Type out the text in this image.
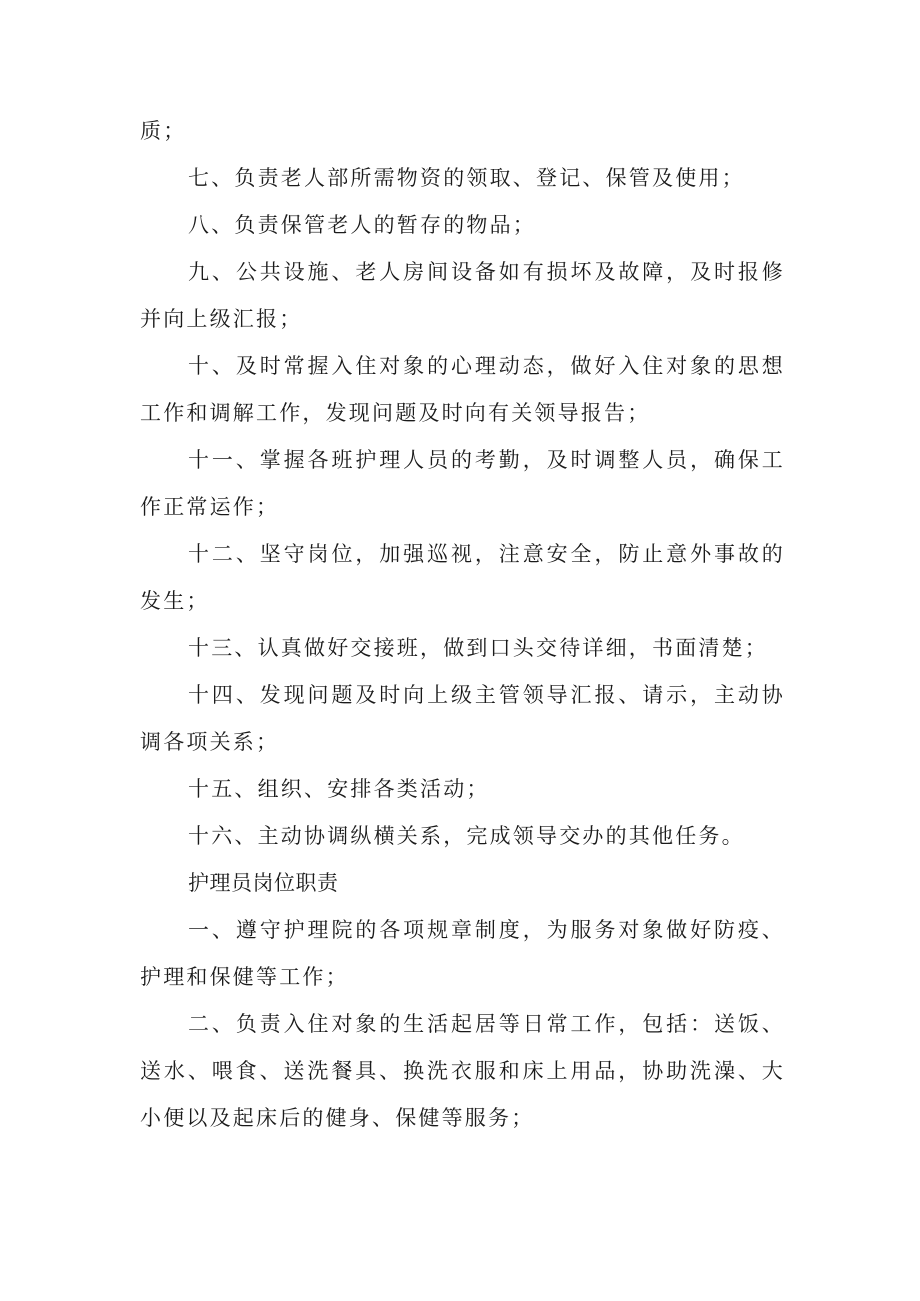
质；

七、负责老人部所需物资的领取、登记、保管及使用；

八、负责保管老人的暂存的物品；

九、公共设施、老人房间设备如有损坏及故障，及时报修并向上级汇报；

十、及时常握入住对象的心理动态，做好入住对象的思想工作和调解工作，发现问题及时向有关领导报告；

十一、掌握各班护理人员的考勤，及时调整人员，确保工作正常运作；

十二、坚守岗位，加强巡视，注意安全，防止意外事故的发生；

十三、认真做好交接班，做到口头交待详细，书面清楚；

十四、发现问题及时向上级主管领导汇报、请示，主动协调各项关系；

十五、组织、安排各类活动；

十六、主动协调纵横关系，完成领导交办的其他任务。

护理员岗位职责

一、遵守护理院的各项规章制度，为服务对象做好防疫、护理和保健等工作；

二、负责入住对象的生活起居等日常工作，包括：送饭、送水、喂食、送洗餐具、换洗衣服和床上用品，协助洗澡、大小便以及起床后的健身、保健等服务；
